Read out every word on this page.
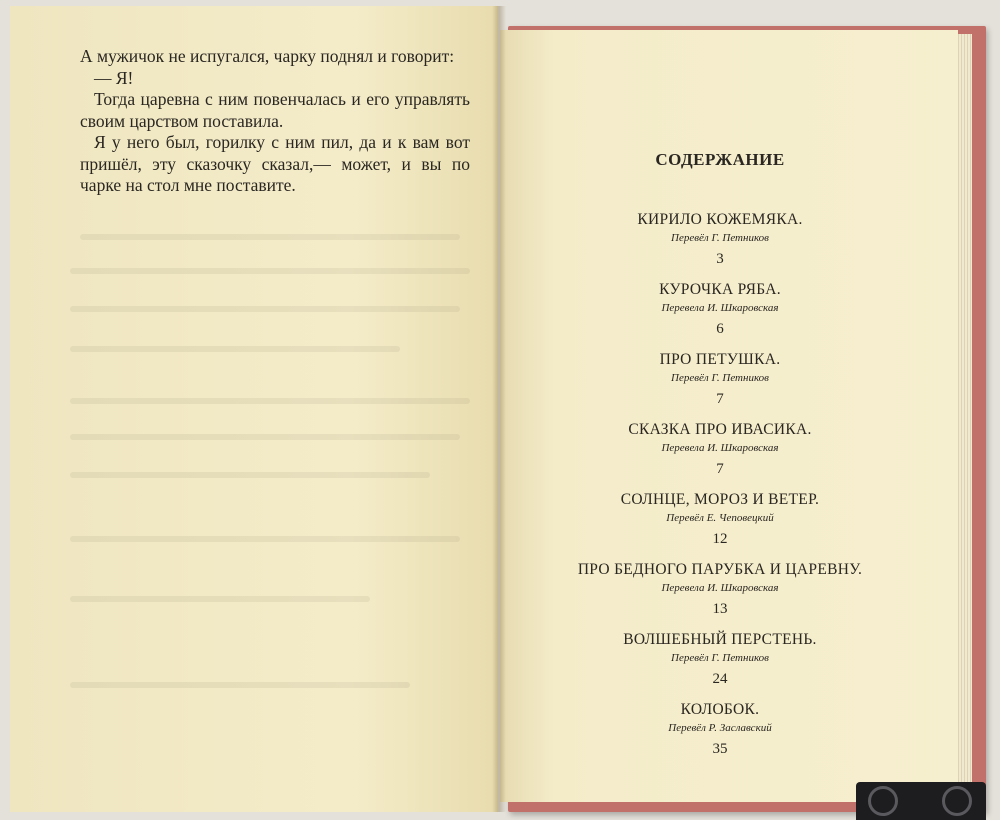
А мужичок не испугался, чарку поднял и говорит:

— Я!

Тогда царевна с ним повенчалась и его управлять своим царством поставила.

Я у него был, горилку с ним пил, да и к вам вот пришёл, эту сказочку сказал,— может, и вы по чарке на стол мне поставите.

СОДЕРЖАНИЕ
КИРИЛО КОЖЕМЯКА.
Перевёл Г. Петников
3
КУРОЧКА РЯБА.
Перевела И. Шкаровская
6
ПРО ПЕТУШКА.
Перевёл Г. Петников
7
СКАЗКА ПРО ИВАСИКА.
Перевела И. Шкаровская
7
СОЛНЦЕ, МОРОЗ И ВЕТЕР.
Перевёл Е. Чеповецкий
12
ПРО БЕДНОГО ПАРУБКА И ЦАРЕВНУ.
Перевела И. Шкаровская
13
ВОЛШЕБНЫЙ ПЕРСТЕНЬ.
Перевёл Г. Петников
24
КОЛОБОК.
Перевёл Р. Заславский
35
